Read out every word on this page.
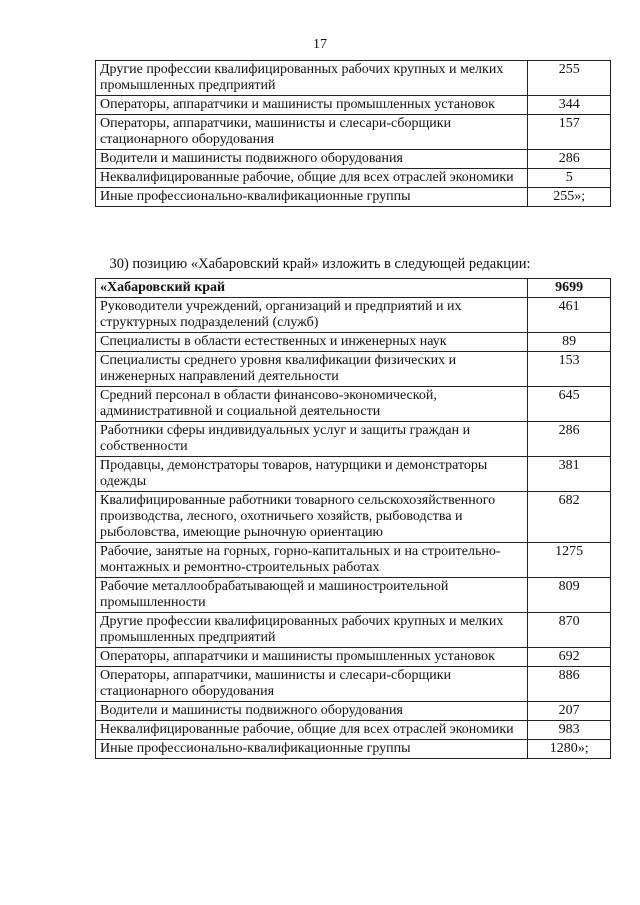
17
Другие профессии квалифицированных рабочих крупных и мелких промышленных предприятий	255
Операторы, аппаратчики и машинисты промышленных установок	344
Операторы, аппаратчики, машинисты и слесари-сборщики стационарного оборудования	157
Водители и машинисты подвижного оборудования	286
Неквалифицированные рабочие, общие для всех отраслей экономики	5
Иные профессионально-квалификационные группы	255»;
30) позицию «Хабаровский край» изложить в следующей редакции:
«Хабаровский край	9699
Руководители учреждений, организаций и предприятий и их структурных подразделений (служб)	461
Специалисты в области естественных и инженерных наук	89
Специалисты среднего уровня квалификации физических и инженерных направлений деятельности	153
Средний персонал в области финансово-экономической, административной и социальной деятельности	645
Работники сферы индивидуальных услуг и защиты граждан и собственности	286
Продавцы, демонстраторы товаров, натурщики и демонстраторы одежды	381
Квалифицированные работники товарного сельскохозяйственного производства, лесного, охотничьего хозяйств, рыбоводства и рыболовства, имеющие рыночную ориентацию	682
Рабочие, занятые на горных, горно-капитальных и на строительно-монтажных и ремонтно-строительных работах	1275
Рабочие металлообрабатывающей и машиностроительной промышленности	809
Другие профессии квалифицированных рабочих крупных и мелких промышленных предприятий	870
Операторы, аппаратчики и машинисты промышленных установок	692
Операторы, аппаратчики, машинисты и слесари-сборщики стационарного оборудования	886
Водители и машинисты подвижного оборудования	207
Неквалифицированные рабочие, общие для всех отраслей экономики	983
Иные профессионально-квалификационные группы	1280»;
